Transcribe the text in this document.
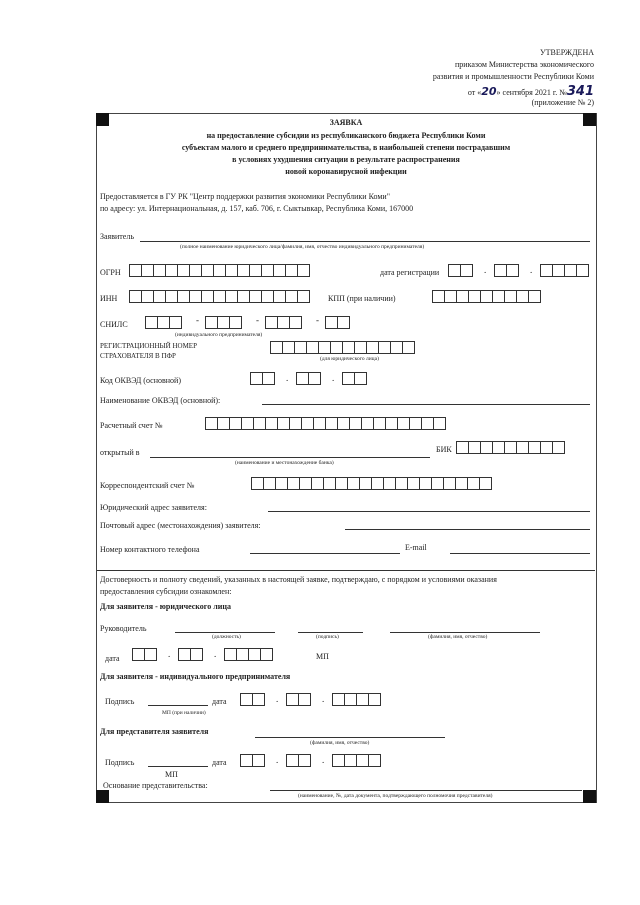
УТВЕРЖДЕНА
приказом Министерства экономического
развития и промышленности Республики Коми
от «20» сентября 2021 г. №341
(приложение № 2)
ЗАЯВКА
на предоставление субсидии из республиканского бюджета Республики Коми
субъектам малого и среднего предпринимательства, в наибольшей степени пострадавшим
в условиях ухудшения ситуации в результате распространения
новой коронавирусной инфекции
Предоставляется в ГУ РК "Центр поддержки развития экономики Республики Коми"
по адресу: ул. Интернациональная, д. 157, каб. 706, г. Сыктывкар, Республика Коми, 167000
Заявитель
(полное наименование юридического лица/фамилия, имя, отчество индивидуального предпринимателя)
ОГРН	дата регистрации	.	.
ИНН	КПП (при наличии)
СНИЛС	-	-	-
(индивидуального предпринимателя)
РЕГИСТРАЦИОННЫЙ НОМЕР
СТРАХОВАТЕЛЯ В ПФР	(для юридического лица)
Код ОКВЭД (основной)	.	.
Наименование ОКВЭД (основной):
Расчетный счет №
открытый в	БИК
(наименование и местонахождение банка)
Корреспондентский счет №
Юридический адрес заявителя:
Почтовый адрес (местонахождения) заявителя:
Номер контактного телефона	E-mail
Достоверность и полноту сведений, указанных в настоящей заявке, подтверждаю, с порядком и условиями оказания
предоставления субсидии ознакомлен:
Для заявителя - юридического лица
Руководитель
(должность)	(подпись)	(фамилия, имя, отчество)
дата	.	.	МП
Для заявителя - индивидуального предпринимателя
Подпись	дата	.	.
МП (при наличии)
Для представителя заявителя
(фамилия, имя, отчество)
Подпись	дата	.	.
МП
Основание представительства:
(наименование, №, дата документа, подтверждающего полномочия представителя)
